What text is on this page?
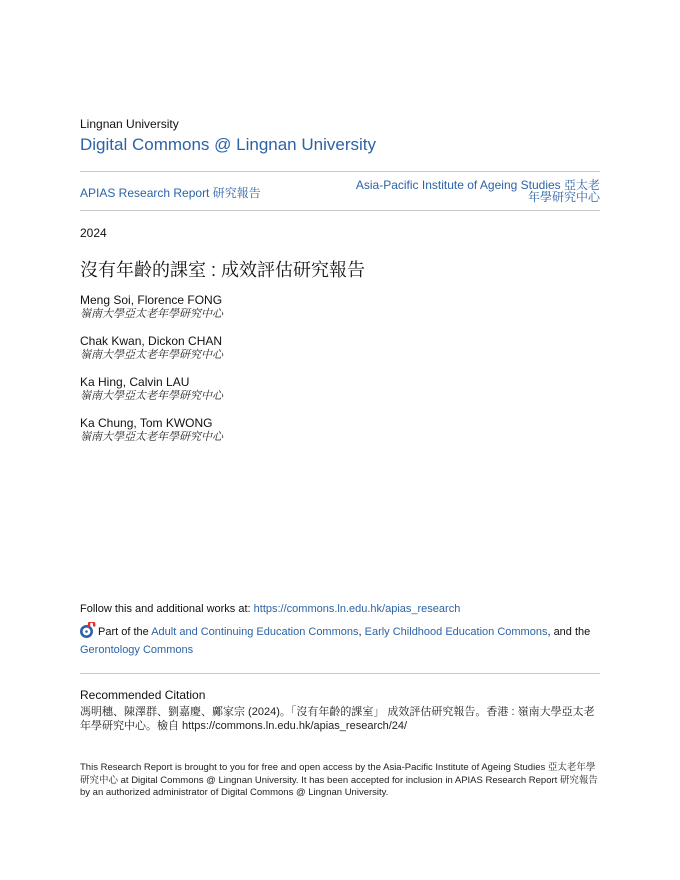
Lingnan University
Digital Commons @ Lingnan University
APIAS Research Report 研究報告
Asia-Pacific Institute of Ageing Studies 亞太老
年學研究中心
2024
沒有年齡的課室 : 成效評估研究報告
Meng Soi, Florence FONG
嶺南大學亞太老年學研究中心
Chak Kwan, Dickon CHAN
嶺南大學亞太老年學研究中心
Ka Hing, Calvin LAU
嶺南大學亞太老年學研究中心
Ka Chung, Tom KWONG
嶺南大學亞太老年學研究中心
Follow this and additional works at: https://commons.ln.edu.hk/apias_research
Part of the Adult and Continuing Education Commons, Early Childhood Education Commons, and the Gerontology Commons
Recommended Citation
馮明穗、陳澤群、劉嘉慶、鄺家宗 (2024)。「沒有年齡的課室」 成效評估研究報告。香港 : 嶺南大學亞太老年學研究中心。檢自 https://commons.ln.edu.hk/apias_research/24/
This Research Report is brought to you for free and open access by the Asia-Pacific Institute of Ageing Studies 亞太老年學研究中心 at Digital Commons @ Lingnan University. It has been accepted for inclusion in APIAS Research Report 研究報告 by an authorized administrator of Digital Commons @ Lingnan University.
